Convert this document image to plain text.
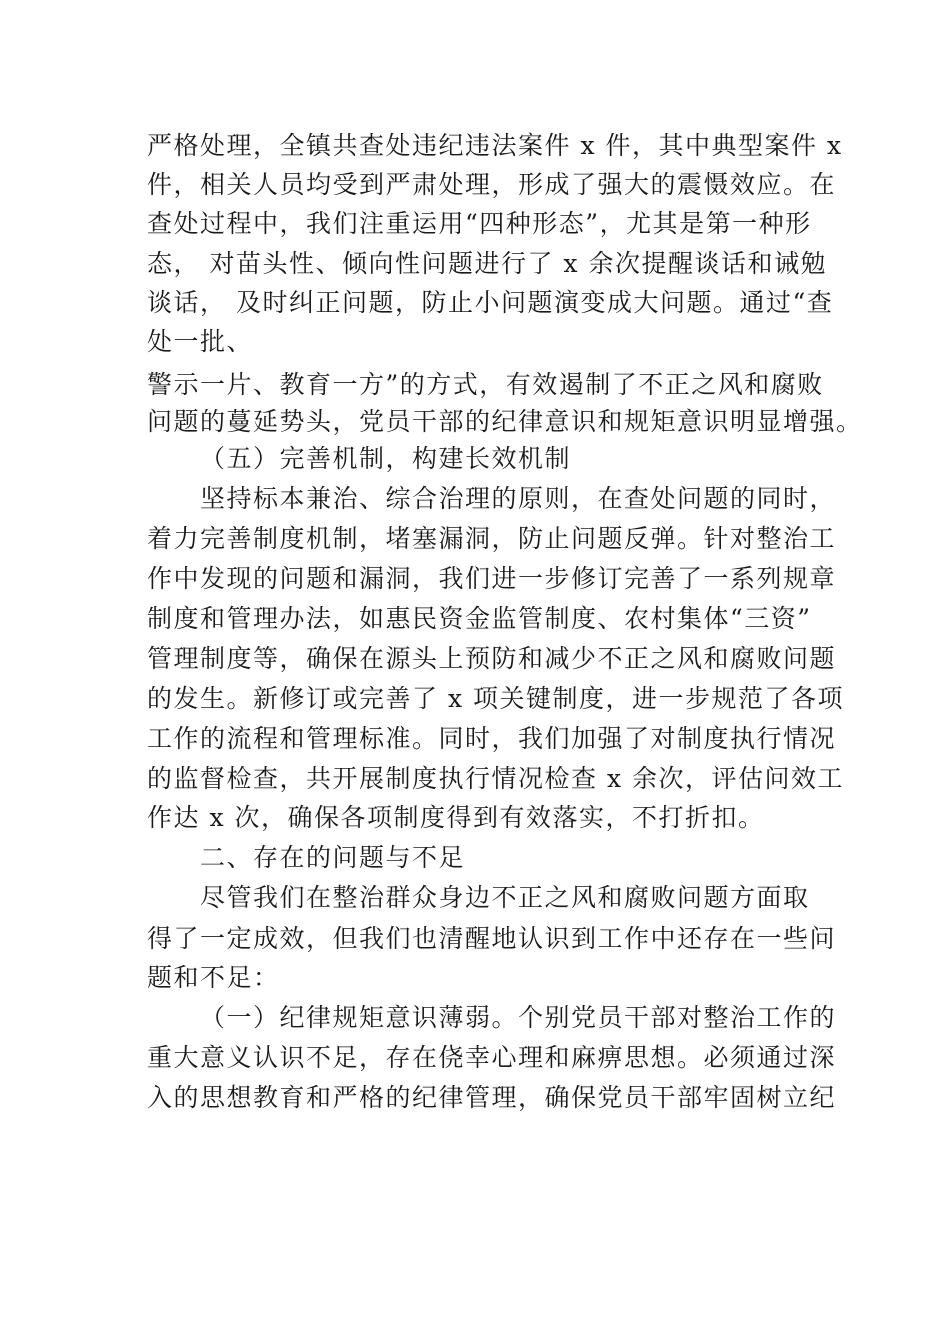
严格处理，全镇共查处违纪违法案件 x 件，其中典型案件 x
件，相关人员均受到严肃处理，形成了强大的震慑效应。在
查处过程中，我们注重运用“四种形态”，尤其是第一种形
态， 对苗头性、倾向性问题进行了 x 余次提醒谈话和诫勉
谈话， 及时纠正问题，防止小问题演变成大问题。通过“查
处一批、
警示一片、教育一方”的方式，有效遏制了不正之风和腐败
问题的蔓延势头，党员干部的纪律意识和规矩意识明显增强。
（五）完善机制，构建长效机制
坚持标本兼治、综合治理的原则，在查处问题的同时，
着力完善制度机制，堵塞漏洞，防止问题反弹。针对整治工
作中发现的问题和漏洞，我们进一步修订完善了一系列规章
制度和管理办法，如惠民资金监管制度、农村集体“三资”
管理制度等，确保在源头上预防和减少不正之风和腐败问题
的发生。新修订或完善了 x 项关键制度，进一步规范了各项
工作的流程和管理标准。同时，我们加强了对制度执行情况
的监督检查，共开展制度执行情况检查 x 余次，评估问效工
作达 x 次，确保各项制度得到有效落实，不打折扣。
二、存在的问题与不足
尽管我们在整治群众身边不正之风和腐败问题方面取
得了一定成效，但我们也清醒地认识到工作中还存在一些问
题和不足：
（一）纪律规矩意识薄弱。个别党员干部对整治工作的
重大意义认识不足，存在侥幸心理和麻痹思想。必须通过深
入的思想教育和严格的纪律管理，确保党员干部牢固树立纪
